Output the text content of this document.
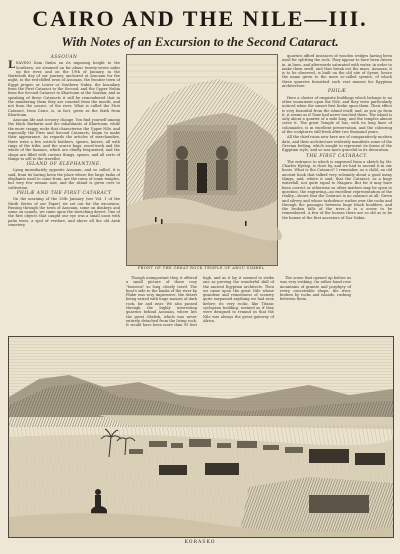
CAIRO AND THE NILE—III.
With Notes of an Excursion to the Second Cataract.
ASSOUAN

LEAVING Kom Ombo on its imposing height to the Southern, we steamed on for about twenty-seven miles up the river, and on the 19th of January, in the thirteenth day of our journey, anchored at Assouan for the night, to the red-cliffed town of Assouan, the frontier town of Egypt proper, or Lower or Southern Nubia, the boundary from the First Cataract to the Second, and the Upper Nubia from the Second Cataract to Khartoum at the Soudan; and in speaking of these Cataracts it will be remembered that in the numbering them they are counted from the mouth, and not from the source, of the river. What is called the First Cataract, from Cairo, is, in fact, given as the Sixth from Khartoum.

Assouan life and scenery change. You find yourself among the black Barbarin and the inhabitants of Khartoum, while the more craggy rocks that characterise the Upper Nile, and especially the First and Second Cataracts, begin to make their appearance. As regards the articles of merchandise, there were a few ostrich feathers, spears, knives, all with rings of the tribe, and the scarce bags, wood-work and the whole of the bazaars, which are chiefly frequented; and the shops are filled with curious things, spears, and all sorts of things to sell to the traveller.

ISLAND OF ELEPHANTINE.

Lying immediately opposite Assouan, and so called, it is said, from its having been the place where the large tusks of elephants used to come from, are the ruins of some temples, but very few remain now, and the island is given over to cultivation.

PHILÆ AND THE FIRST CATARACT

On the morning of the 20th January (see Vol. 1 of the Ninth Series of our Paper) we set out for the excursion. Passing through the town of Assouan, some on donkeys and some on camels, we came upon the stretching desert. One of the first objects that caught our eye was a small oasis with palm trees, a spot of verdure, and above all the old Arab cemetery.

FRONT OF THE GREAT ROCK TEMPLE OF ABOU SIMBEL

Though unimportant they, it offered a small picture of those rosy "heavens" so long closely travd. The boat's side to the banks of the river by Philæ was very impressive, the desert being varied with huge masses of dark rock, far and near. We also passed through the highly interesting quarries behind Assouan, where lies the great Obelisk, which was never entirely detached from the living rock. It would have been more than 95 feet high, and as it lay it seemed to strike one as proving the wonderful skill of the ancient Egyptian architects. Then we came upon the great Nile whose grandeur and remoteness of scenery quite surpassed anything we had seen before; its very rocks, like Titanic cyclopean building, seemed as if they were designed to remind us that the Nile was always the great gateway of Africa.

The scene that opened up before us was very striking. On either hand rose mountains of granite and porphyry of every conceivable shape, the river, broken by rocks and islands, rushing between them.

quarries afford instances of wooden wedges having been used for splitting the rock. They appear to have been driven in, in lines, and afterwards saturated with water, in order to make them swell; and thus break out the mass. Assouan, it is to be observed, is built on the old site of Syene; hence the name given to the more so-called syenite, of which these quarries furnished such vast masses for Egyptian architecture.

PHILÆ

Here a cluster of exquisite buildings which belongs to no other monument upon the Nile, and they were particularly noticed when the sunset first broke upon them. Their effect is very beautiful from the island itself, and, as you go from it, it seems as if Time had never touched them. The island is only about a quarter of a mile long, and the temples almost cover it. The great Temple of Isis, with its long lines of colonnades, is in excellent preservation, and the colouring of the sculptures still fresh after two thousand years.

All the chief ruins now here are of comparatively modern date, and their architecture evidently manifests some of the Grecian feeling, which sought to represent its forms of the Egyptian style, and so was more graceful in its decoration.

THE FIRST CATARACT.

The entrance to which is engraved from a sketch by Mr. Charles Hyslop, is close by, and we had to ascend it in our boats. What is the Cataract? I remember, as a child, an old ancient book that talked very solemnly about a good many things, and, where it said, that the Cataract, as a huge waterfall, not quite equal to Niagara. But for it may have been correct or otherwise as other matters may be open to question, the engraving—an excellent representation of the reality—shows that the Cataract is no cataract at all. Green and silvery and whose turbulence rushes over the rocks and through the passages between huge black boulders, and the broken falls of the river—it is a scene to be remembered. A few of the houses there are so old as to be the homes of the first ancestors of Dar Nubia.

KORASKO
